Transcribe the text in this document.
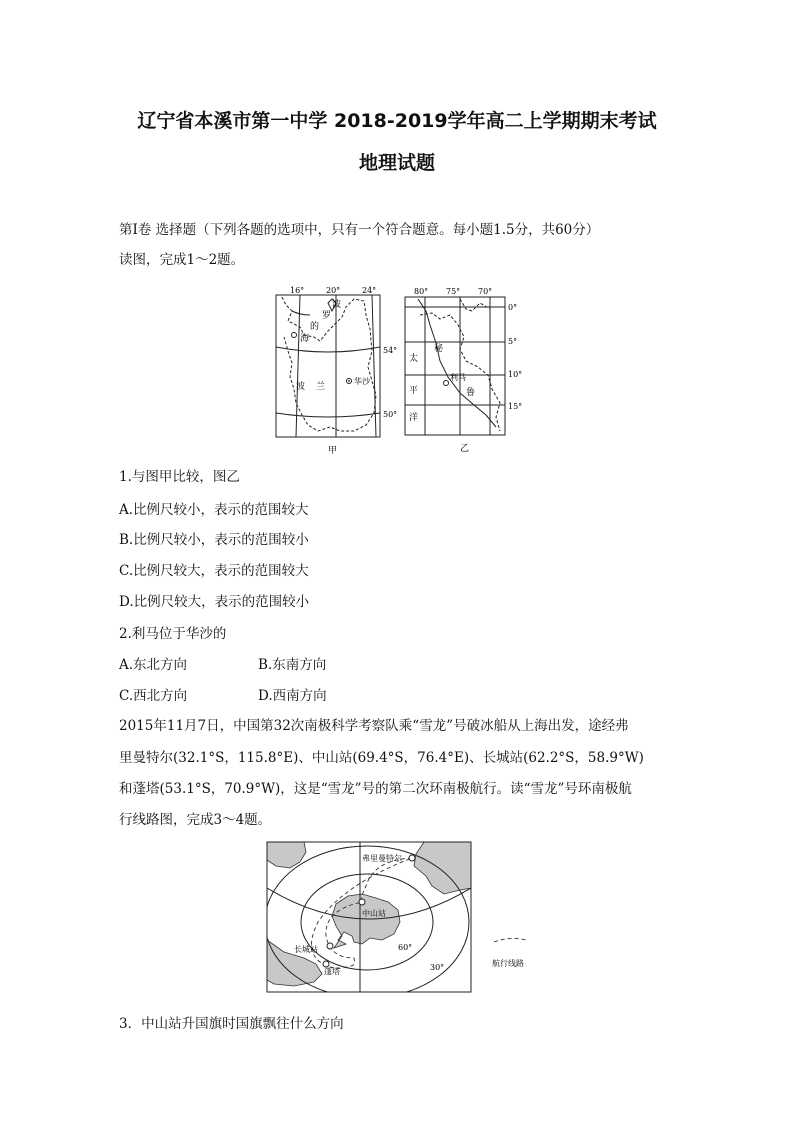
辽宁省本溪市第一中学 2018-2019学年高二上学期期末考试
地理试题
第Ⅰ卷 选择题（下列各题的选项中，只有一个符合题意。每小题1.5分，共60分）
读图，完成1～2题。
16°	20°	24°
54°
50°
波
罗
的
海
波 兰
华沙
甲
80° 75° 70°
0°
5°
10°
15°
秘
鲁
太
平
洋
利马
乙
1.与图甲比较，图乙
A.比例尺较小，表示的范围较大
B.比例尺较小，表示的范围较小
C.比例尺较大，表示的范围较大
D.比例尺较大，表示的范围较小
2.利马位于华沙的
A.东北方向	B.东南方向
C.西北方向	D.西南方向
2015年11月7日，中国第32次南极科学考察队乘“雪龙”号破冰船从上海出发，途经弗
里曼特尔(32.1°S，115.8°E)、中山站(69.4°S，76.4°E)、长城站(62.2°S，58.9°W)
和蓬塔(53.1°S，70.9°W)，这是“雪龙”号的第二次环南极航行。读“雪龙”号环南极航
行线路图，完成3～4题。
弗里曼特尔
中山站
长城站
蓬塔
60°
30°	航行线路
3．中山站升国旗时国旗飘往什么方向
